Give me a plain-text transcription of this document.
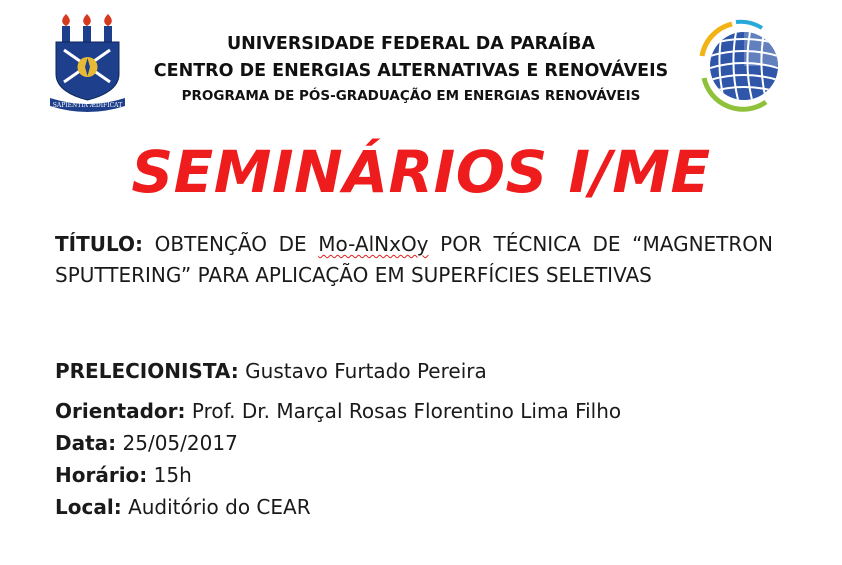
SAPIENTIA ÆDIFICAT
UNIVERSIDADE FEDERAL DA PARAÍBA
CENTRO DE ENERGIAS ALTERNATIVAS E RENOVÁVEIS
PROGRAMA DE PÓS-GRADUAÇÃO EM ENERGIAS RENOVÁVEIS
SEMINÁRIOS I/ME
TÍTULO: OBTENÇÃO DE Mo-AlNxOy POR TÉCNICA DE “MAGNETRON SPUTTERING” PARA APLICAÇÃO EM SUPERFÍCIES SELETIVAS
PRELECIONISTA: Gustavo Furtado Pereira
Orientador: Prof. Dr. Marçal Rosas Florentino Lima Filho
Data: 25/05/2017
Horário: 15h
Local: Auditório do CEAR
